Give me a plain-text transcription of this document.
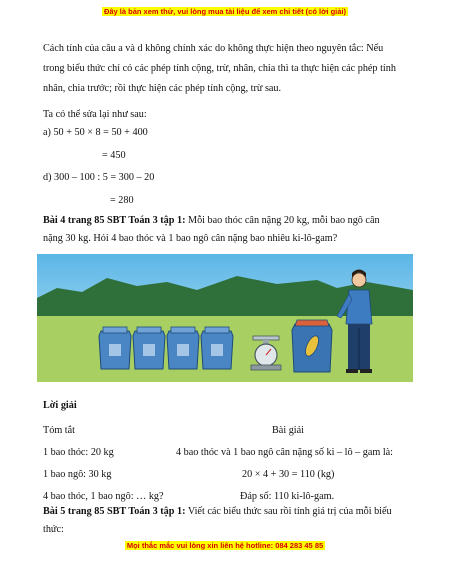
Đây là bản xem thử, vui lòng mua tài liệu để xem chi tiết (có lời giải)
Cách tính của câu a và d không chính xác do không thực hiện theo nguyên tắc: Nếu
trong biểu thức chỉ có các phép tính cộng, trừ, nhân, chia thì ta thực hiện các phép tính
nhân, chia trước; rồi thực hiện các phép tính cộng, trừ sau.
Ta có thể sửa lại như sau:
a) 50 + 50 × 8 = 50 + 400
= 450
d) 300 – 100 : 5 = 300 – 20
= 280
Bài 4 trang 85 SBT Toán 3 tập 1: Mỗi bao thóc cân nặng 20 kg, mỗi bao ngô cân
nặng 30 kg. Hỏi 4 bao thóc và 1 bao ngô cân nặng bao nhiêu ki-lô-gam?
Lời giải
Tóm tắt	Bài giải
1 bao thóc: 20 kg	4 bao thóc và 1 bao ngô cân nặng số ki – lô – gam là:
1 bao ngô: 30 kg	20 × 4 + 30 = 110 (kg)
4 bao thóc, 1 bao ngô: … kg?	Đáp số: 110 ki-lô-gam.
Bài 5 trang 85 SBT Toán 3 tập 1: Viết các biểu thức sau rồi tính giá trị của mỗi biểu
thức:
Mọi thắc mắc vui lòng xin liên hệ hotline: 084 283 45 85
